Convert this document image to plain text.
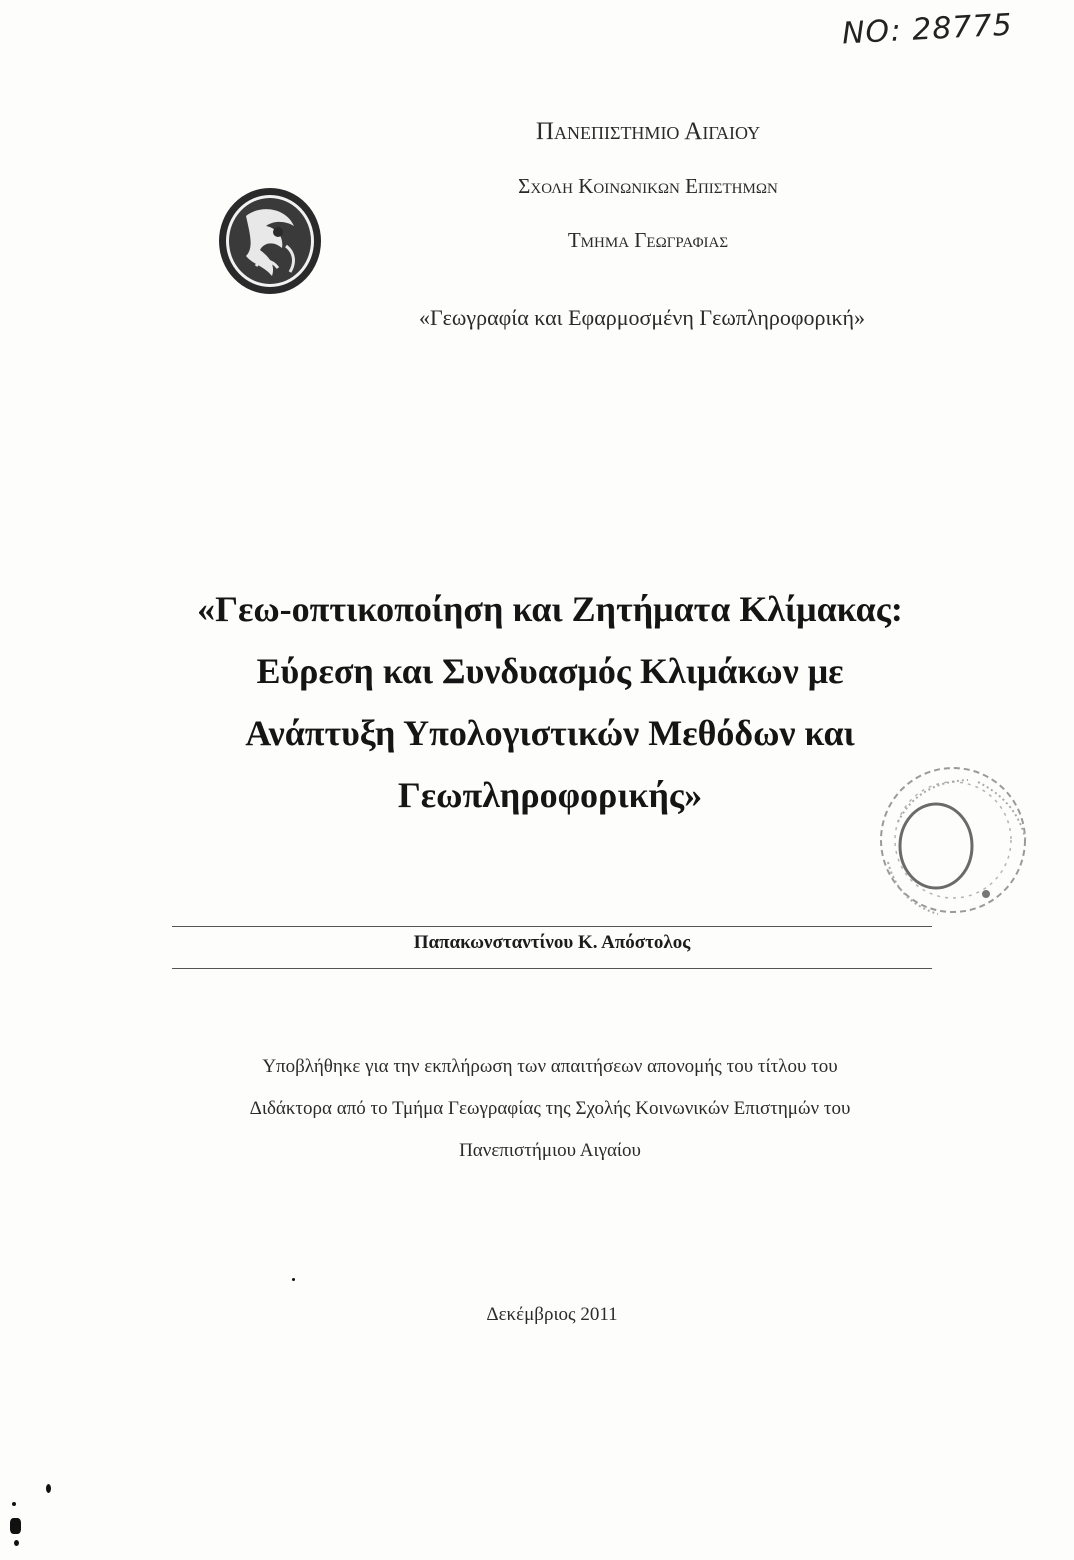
NO: 28775
Πανεπιστημιο Αιγαιου
Σχολη Κοινωνικων Επιστημων
Τμημα Γεωγραφιας
«Γεωγραφία και Εφαρμοσμένη Γεωπληροφορική»
«Γεω-οπτικοποίηση και Ζητήματα Κλίμακας:
Εύρεση και Συνδυασμός Κλιμάκων με
Ανάπτυξη Υπολογιστικών Μεθόδων και
Γεωπληροφορικής»
Παπακωνσταντίνου Κ. Απόστολος
Υποβλήθηκε για την εκπλήρωση των απαιτήσεων απονομής του τίτλου του
Διδάκτορα από το Τμήμα Γεωγραφίας της Σχολής Κοινωνικών Επιστημών του
Πανεπιστήμιου Αιγαίου
Δεκέμβριος 2011
